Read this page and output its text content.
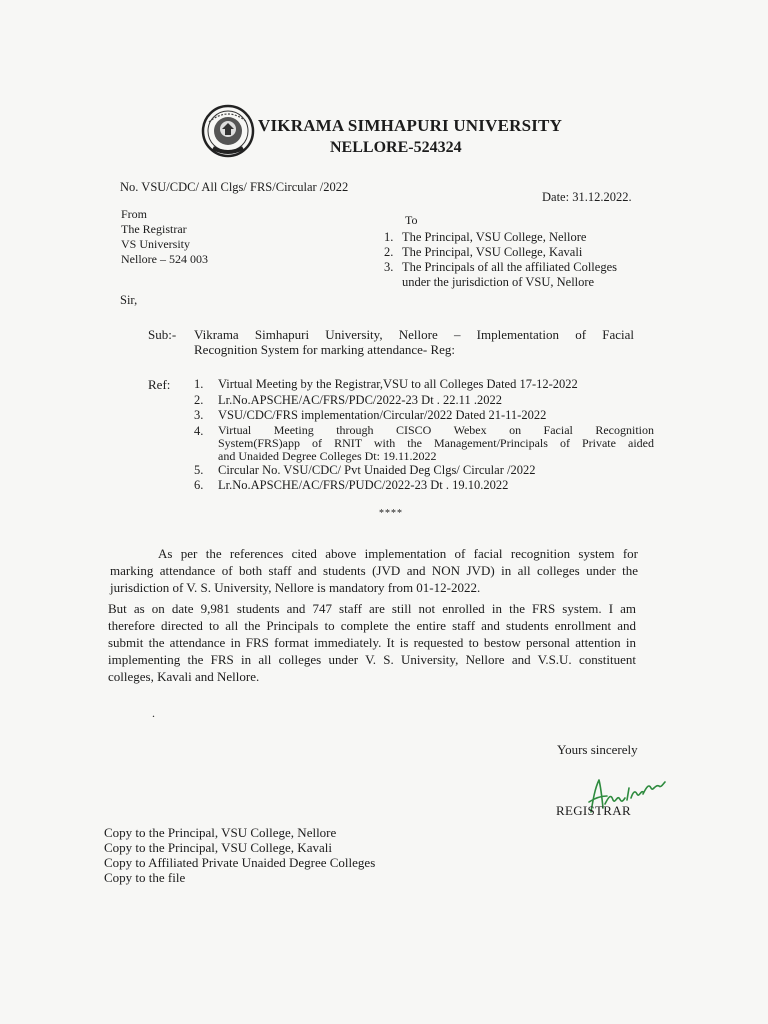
VIKRAMA SIMHAPURI UNIVERSITY
NELLORE-524324
No. VSU/CDC/ All Clgs/ FRS/Circular /2022
Date: 31.12.2022.
From
The Registrar
VS University
Nellore – 524 003
To
1. The Principal, VSU College, Nellore
2. The Principal, VSU College, Kavali
3. The Principals of all the affiliated Colleges
under the jurisdiction of VSU, Nellore
Sir,
Sub:- Vikrama Simhapuri University, Nellore – Implementation of Facial
Recognition System for marking attendance- Reg:
Ref: 1.	Virtual Meeting by the Registrar,VSU to all Colleges Dated 17-12-2022
2.	Lr.No.APSCHE/AC/FRS/PDC/2022-23 Dt . 22.11 .2022
3.	VSU/CDC/FRS implementation/Circular/2022 Dated 21-11-2022
4.	Virtual Meeting through CISCO Webex on Facial Recognition
System(FRS)app of RNIT with the Management/Principals of Private aided
and Unaided Degree Colleges Dt: 19.11.2022
5.	Circular No. VSU/CDC/ Pvt Unaided Deg Clgs/ Circular /2022
6.	Lr.No.APSCHE/AC/FRS/PUDC/2022-23 Dt . 19.10.2022
****
As per the references cited above implementation of facial recognition system for
marking attendance of both staff and students (JVD and NON JVD) in all colleges under the
jurisdiction of V. S. University, Nellore is mandatory from 01-12-2022.
But as on date 9,981 students and 747 staff are still not enrolled in the FRS system. I am
therefore directed to all the Principals to complete the entire staff and students enrollment and
submit the attendance in FRS format immediately. It is requested to bestow personal attention in
implementing the FRS in all colleges under V. S. University, Nellore and V.S.U. constituent
colleges, Kavali and Nellore.
.
Yours sincerely
REGISTRAR
Copy to the Principal, VSU College, Nellore
Copy to the Principal, VSU College, Kavali
Copy to Affiliated Private Unaided Degree Colleges
Copy to the file
